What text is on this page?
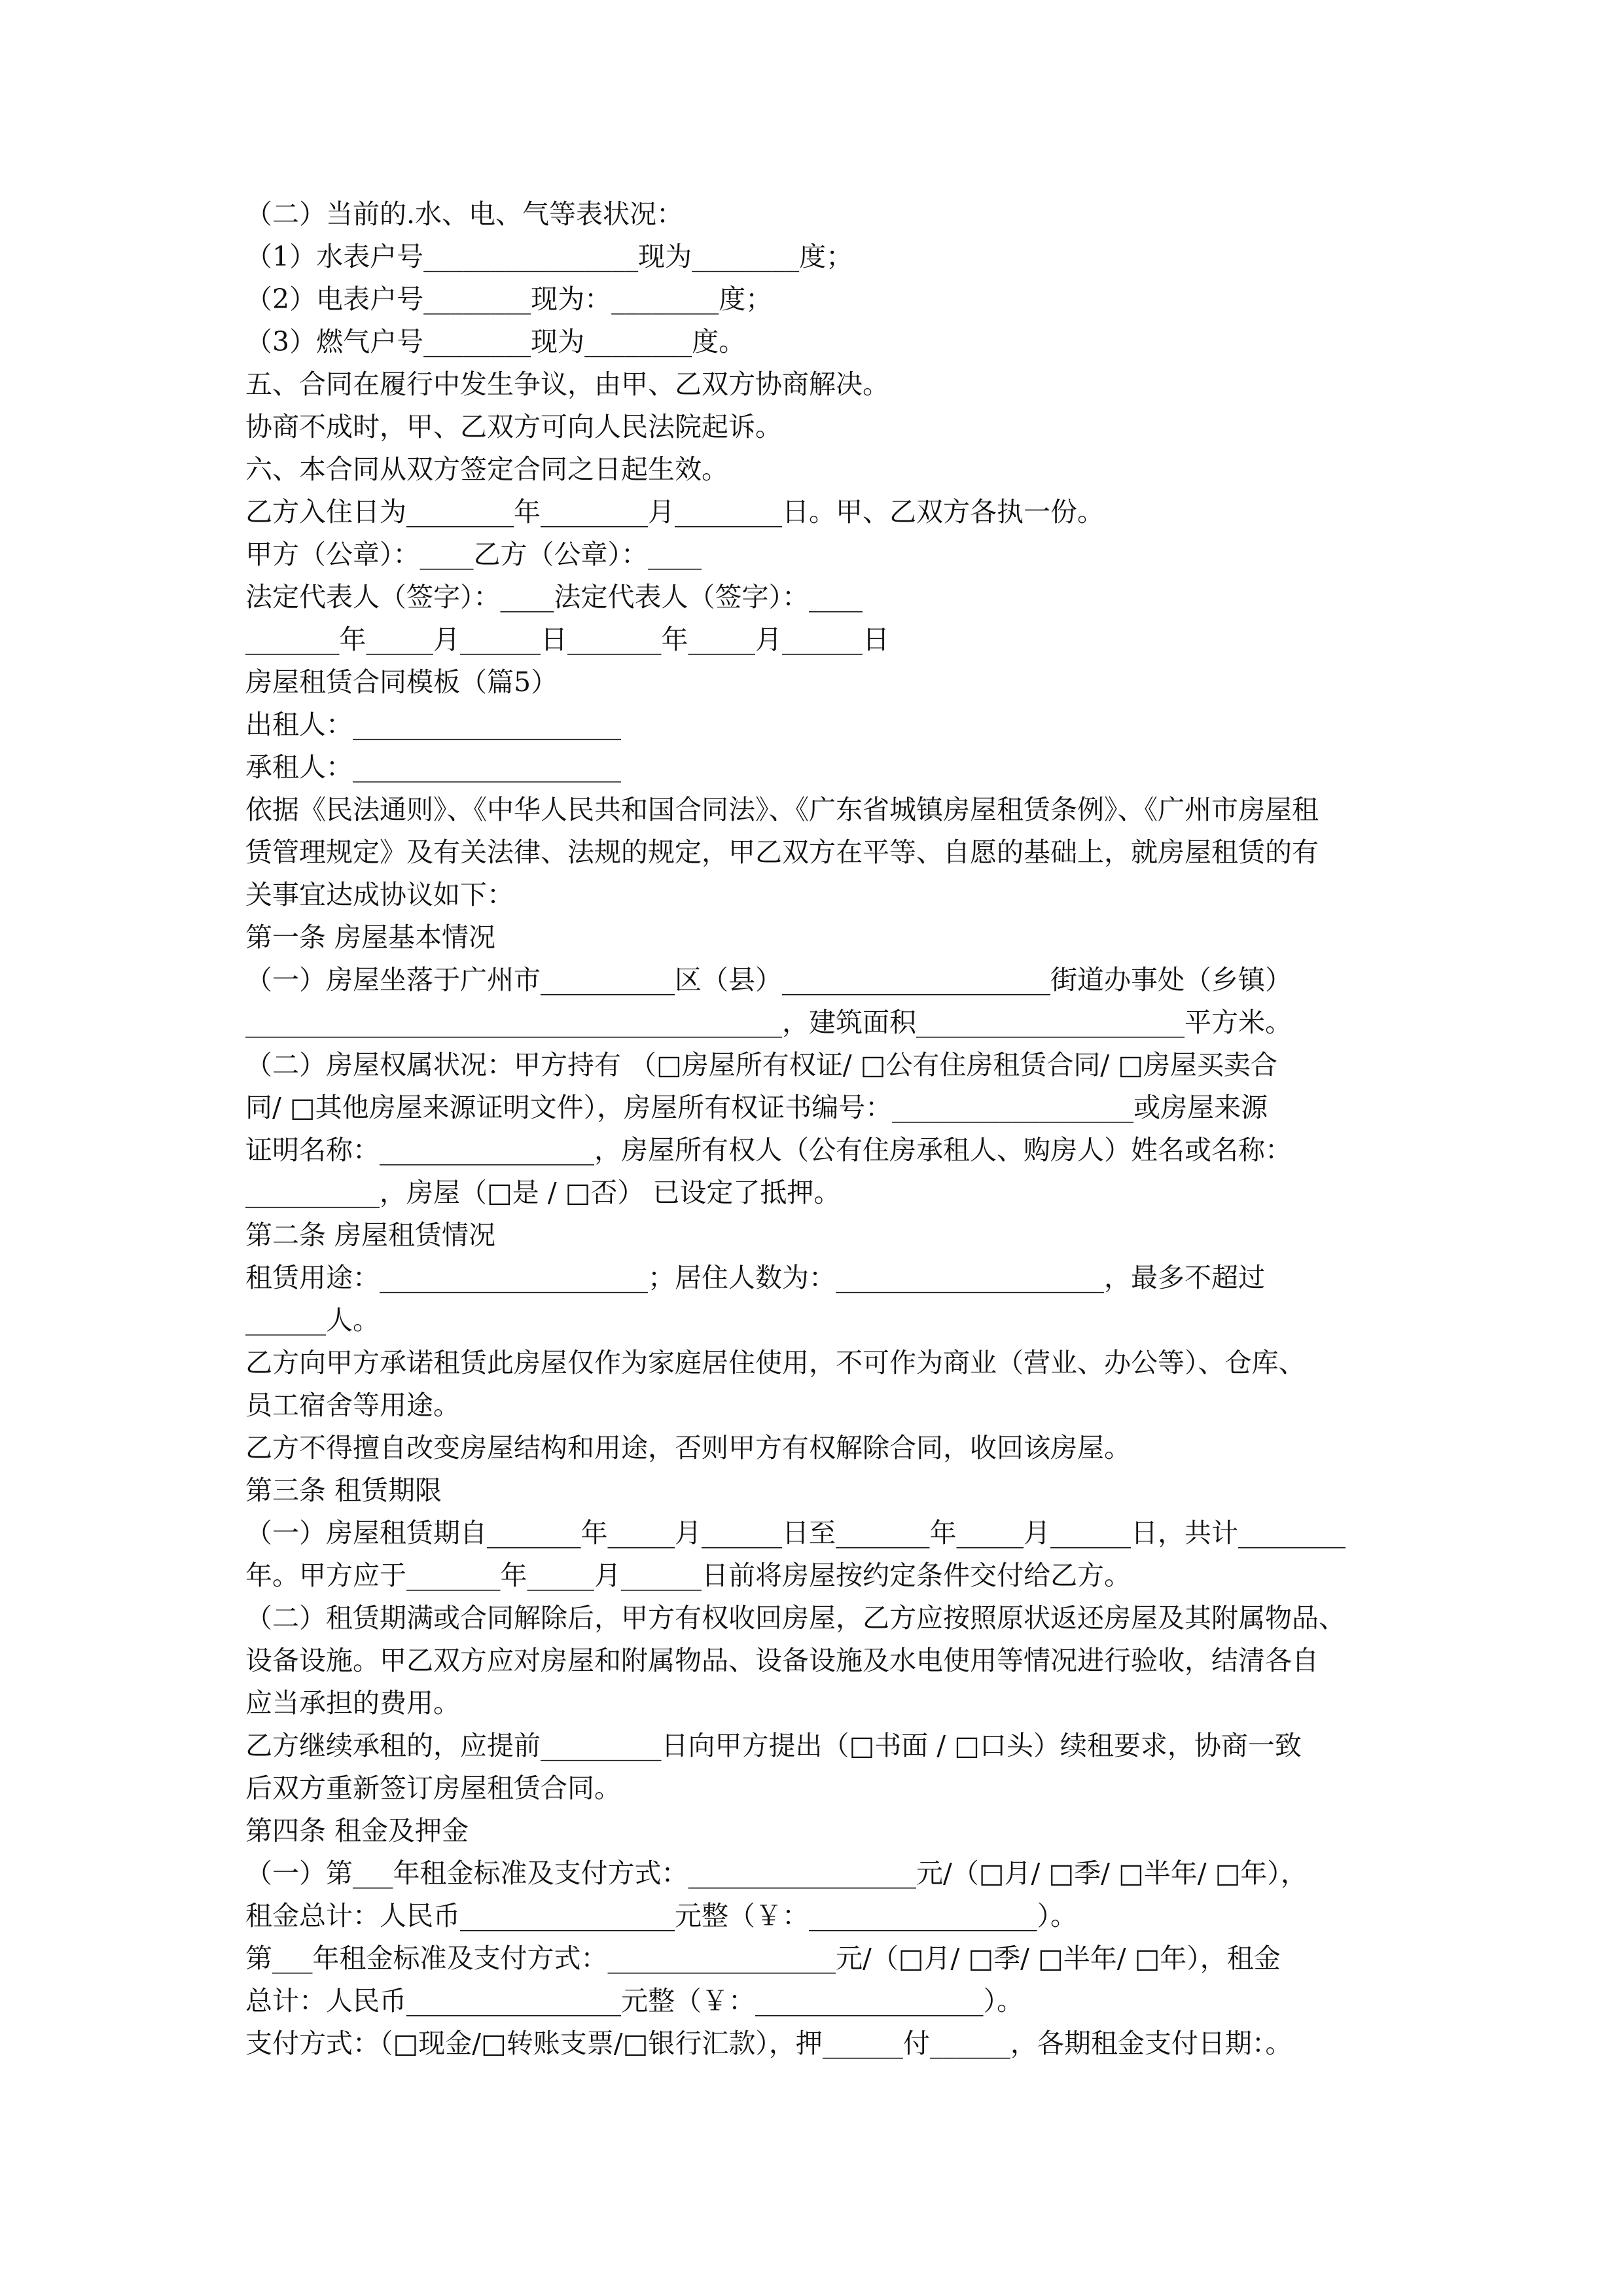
（二）当前的.水、电、气等表状况：
（1）水表户号________________现为________度；
（2）电表户号________现为：________度；
（3）燃气户号________现为________度。
五、合同在履行中发生争议，由甲、乙双方协商解决。
协商不成时，甲、乙双方可向人民法院起诉。
六、本合同从双方签定合同之日起生效。
乙方入住日为________年________月________日。甲、乙双方各执一份。
甲方（公章）：____乙方（公章）：____
法定代表人（签字）：____法定代表人（签字）：____
_______年_____月______日_______年_____月______日
房屋租赁合同模板（篇5）
出租人：____________________
承租人：____________________
依据《民法通则》、《中华人民共和国合同法》、《广东省城镇房屋租赁条例》、《广州市房屋租
赁管理规定》及有关法律、法规的规定，甲乙双方在平等、自愿的基础上，就房屋租赁的有
关事宜达成协议如下：
第一条 房屋基本情况
（一）房屋坐落于广州市__________区（县）____________________街道办事处（乡镇）
________________________________________，建筑面积____________________平方米。
（二）房屋权属状况：甲方持有 （□房屋所有权证/ □公有住房租赁合同/ □房屋买卖合
同/ □其他房屋来源证明文件），房屋所有权证书编号：__________________或房屋来源
证明名称：________________，房屋所有权人（公有住房承租人、购房人）姓名或名称：
__________，房屋（□是 / □否） 已设定了抵押。
第二条 房屋租赁情况
租赁用途：____________________；居住人数为：____________________，最多不超过
______人。
乙方向甲方承诺租赁此房屋仅作为家庭居住使用，不可作为商业（营业、办公等）、仓库、
员工宿舍等用途。
乙方不得擅自改变房屋结构和用途，否则甲方有权解除合同，收回该房屋。
第三条 租赁期限
（一）房屋租赁期自_______年_____月______日至_______年_____月______日，共计________
年。甲方应于_______年_____月______日前将房屋按约定条件交付给乙方。
（二）租赁期满或合同解除后，甲方有权收回房屋，乙方应按照原状返还房屋及其附属物品、
设备设施。甲乙双方应对房屋和附属物品、设备设施及水电使用等情况进行验收，结清各自
应当承担的费用。
乙方继续承租的，应提前_________日向甲方提出（□书面 / □口头）续租要求，协商一致
后双方重新签订房屋租赁合同。
第四条 租金及押金
（一）第___年租金标准及支付方式：_________________元/（□月/ □季/ □半年/ □年），
租金总计：人民币________________元整（￥：_________________）。
第___年租金标准及支付方式：_________________元/（□月/ □季/ □半年/ □年），租金
总计：人民币________________元整（￥：_________________）。
支付方式：（□现金/□转账支票/□银行汇款），押______付______，各期租金支付日期：。
